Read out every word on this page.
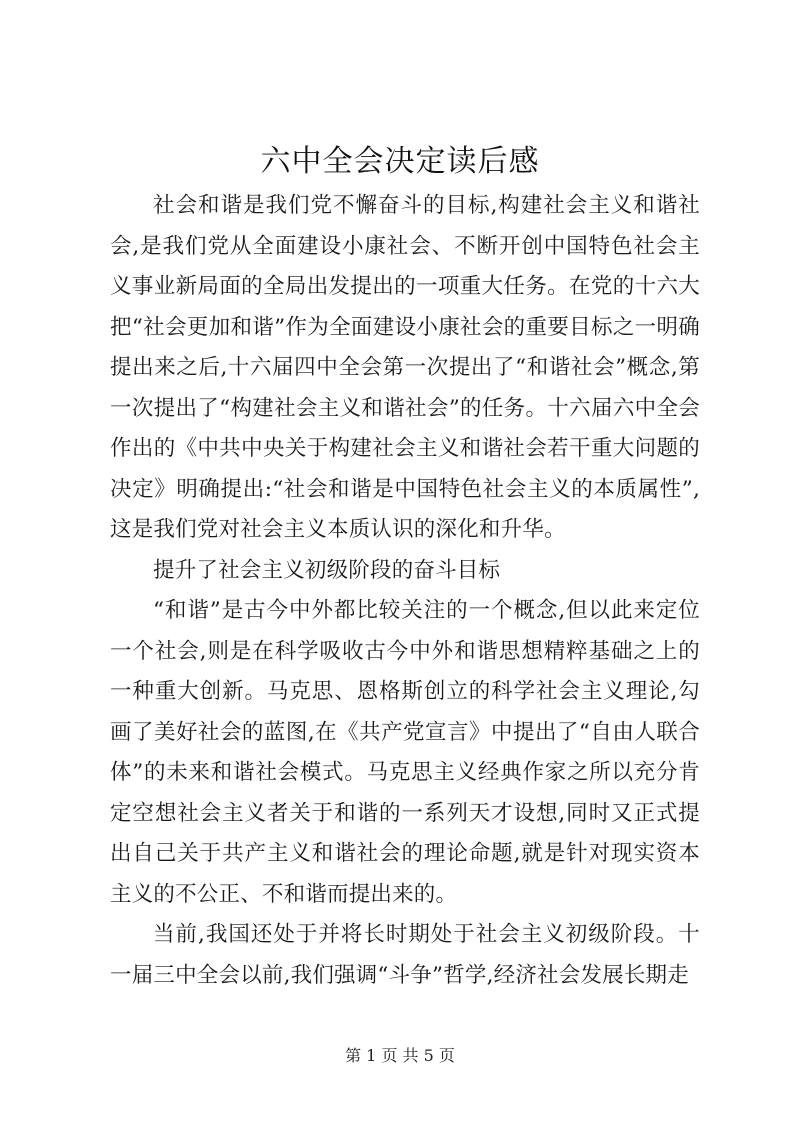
六中全会决定读后感

社会和谐是我们党不懈奋斗的目标,构建社会主义和谐社会,是我们党从全面建设小康社会、不断开创中国特色社会主义事业新局面的全局出发提出的一项重大任务。在党的十六大把“社会更加和谐”作为全面建设小康社会的重要目标之一明确提出来之后,十六届四中全会第一次提出了“和谐社会”概念,第一次提出了“构建社会主义和谐社会”的任务。十六届六中全会作出的《中共中央关于构建社会主义和谐社会若干重大问题的决定》明确提出:“社会和谐是中国特色社会主义的本质属性”,这是我们党对社会主义本质认识的深化和升华。

提升了社会主义初级阶段的奋斗目标

“和谐”是古今中外都比较关注的一个概念,但以此来定位一个社会,则是在科学吸收古今中外和谐思想精粹基础之上的一种重大创新。马克思、恩格斯创立的科学社会主义理论,勾画了美好社会的蓝图,在《共产党宣言》中提出了“自由人联合体”的未来和谐社会模式。马克思主义经典作家之所以充分肯定空想社会主义者关于和谐的一系列天才设想,同时又正式提出自己关于共产主义和谐社会的理论命题,就是针对现实资本主义的不公正、不和谐而提出来的。

当前,我国还处于并将长时期处于社会主义初级阶段。十一届三中全会以前,我们强调“斗争”哲学,经济社会发展长期走

第 1 页 共 5 页
